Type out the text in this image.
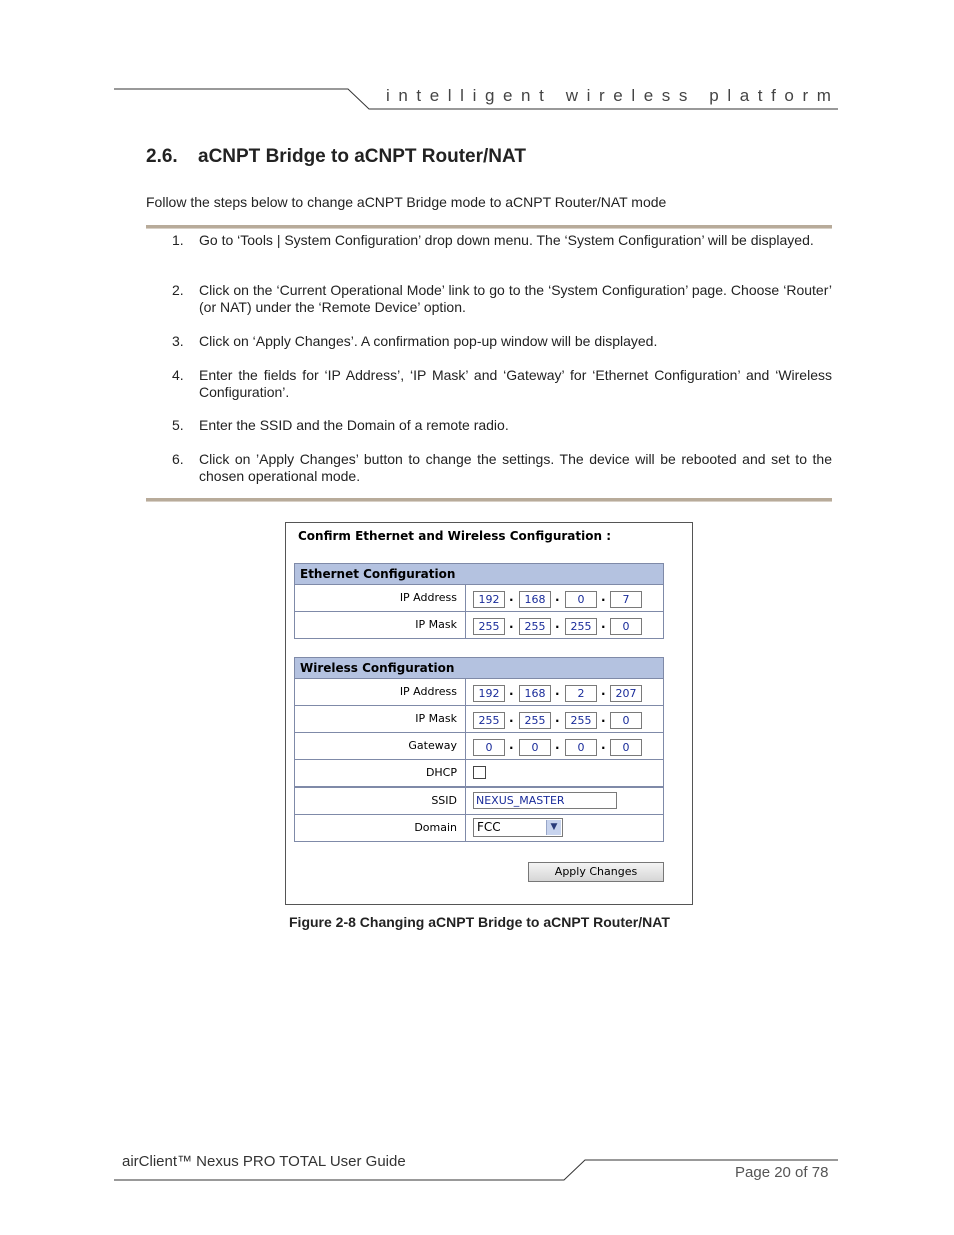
intelligent wireless platform
2.6. aCNPT Bridge to aCNPT Router/NAT
Follow the steps below to change aCNPT Bridge mode to aCNPT Router/NAT mode
1. Go to ‘Tools | System Configuration’ drop down menu. The ‘System Configuration’ will be displayed.
2. Click on the ‘Current Operational Mode’ link to go to the ‘System Configuration’ page. Choose ‘Router’ (or NAT) under the ‘Remote Device’ option.
3. Click on ‘Apply Changes’. A confirmation pop-up window will be displayed.
4. Enter the fields for ‘IP Address’, ‘IP Mask’ and ‘Gateway’ for ‘Ethernet Configuration’ and ‘Wireless Configuration’.
5. Enter the SSID and the Domain of a remote radio.
6. Click on ’Apply Changes’ button to change the settings. The device will be rebooted and set to the chosen operational mode.
Confirm Ethernet and Wireless Configuration :
Ethernet Configuration
IP Address	192 . 168 .	0	.	7
IP Mask	255 . 255 . 255 .	0
Wireless Configuration
IP Address	192 . 168 .	2	. 207
IP Mask	255 . 255 . 255 .	0
Gateway	0	.	0	.	0	.	0
DHCP
SSID NEXUS_MASTER
Domain	FCC	▼
Apply Changes
Figure 2-8 Changing aCNPT Bridge to aCNPT Router/NAT
airClient™ Nexus PRO TOTAL User Guide
Page 20 of 78
